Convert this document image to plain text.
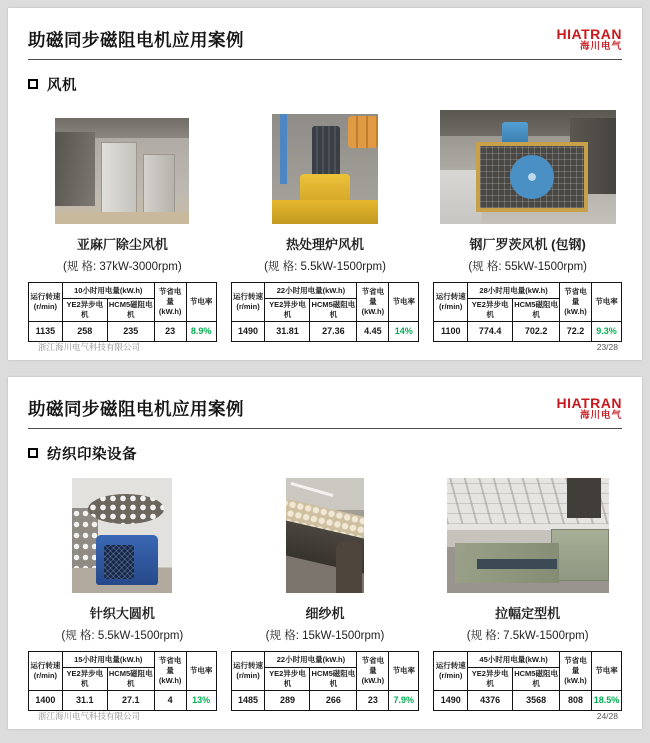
助磁同步磁阻电机应用案例	HIATRAN
海川电气
风机
亚麻厂除尘风机
(规 格: 37kW-3000rpm)
运行转速 (r/min)	10小时用电量(kW.h)		节省电量 (kW.h)	节电率
	YE2异步电机	HCM5磁阻电机		
1135	258	235	23	8.9%
热处理炉风机
(规 格: 5.5kW-1500rpm)
运行转速 (r/min)	22小时用电量(kW.h)		节省电量 (kW.h)	节电率
	YE2异步电机	HCM5磁阻电机		
1490	31.81	27.36	4.45	14%
钢厂罗茨风机 (包钢)
(规 格: 55kW-1500rpm)
运行转速 (r/min)	28小时用电量(kW.h)		节省电量 (kW.h)	节电率
	YE2异步电机	HCM5磁阻电机		
1100	774.4	702.2	72.2	9.3%
浙江海川电气科技有限公司	23/28
助磁同步磁阻电机应用案例	HIATRAN
海川电气
纺织印染设备
针织大圆机
(规 格: 5.5kW-1500rpm)
运行转速 (r/min)	15小时用电量(kW.h)		节省电量 (kW.h)	节电率
	YE2异步电机	HCM5磁阻电机		
1400	31.1	27.1	4	13%
细纱机
(规 格: 15kW-1500rpm)
运行转速 (r/min)	22小时用电量(kW.h)		节省电量 (kW.h)	节电率
	YE2异步电机	HCM5磁阻电机		
1485	289	266	23	7.9%
拉幅定型机
(规 格: 7.5kW-1500rpm)
运行转速 (r/min)	45小时用电量(kW.h)		节省电量 (kW.h)	节电率
	YE2异步电机	HCM5磁阻电机		
1490	4376	3568	808	18.5%
浙江海川电气科技有限公司	24/28
